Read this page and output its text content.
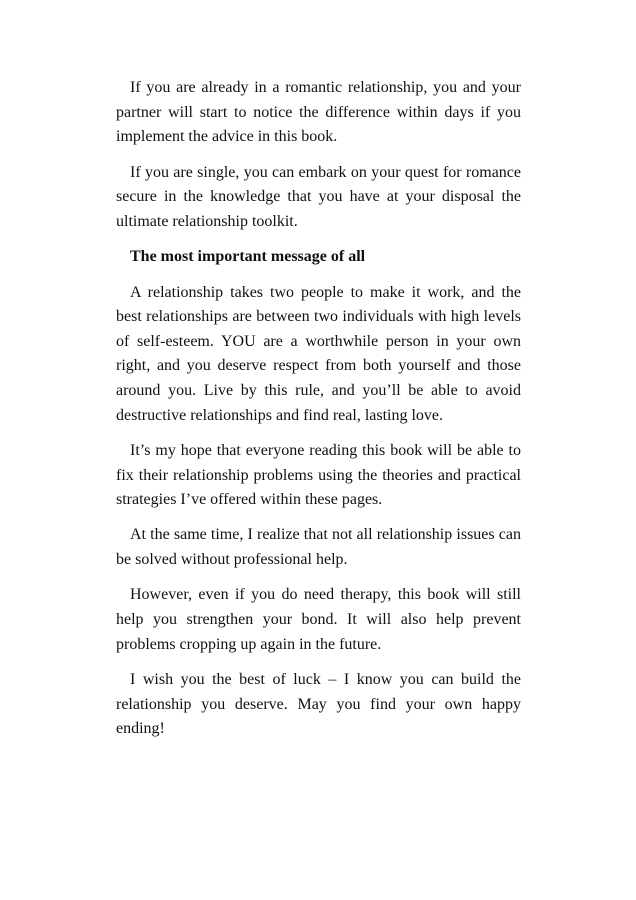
If you are already in a romantic relationship, you and your partner will start to notice the difference within days if you implement the advice in this book.

If you are single, you can embark on your quest for romance secure in the knowledge that you have at your disposal the ultimate relationship toolkit.

The most important message of all

A relationship takes two people to make it work, and the best relationships are between two individuals with high levels of self-esteem. YOU are a worthwhile person in your own right, and you deserve respect from both yourself and those around you. Live by this rule, and you’ll be able to avoid destructive relationships and find real, lasting love.

It’s my hope that everyone reading this book will be able to fix their relationship problems using the theories and practical strategies I’ve offered within these pages.

At the same time, I realize that not all relationship issues can be solved without professional help.

However, even if you do need therapy, this book will still help you strengthen your bond. It will also help prevent problems cropping up again in the future.

I wish you the best of luck – I know you can build the relationship you deserve. May you find your own happy ending!
